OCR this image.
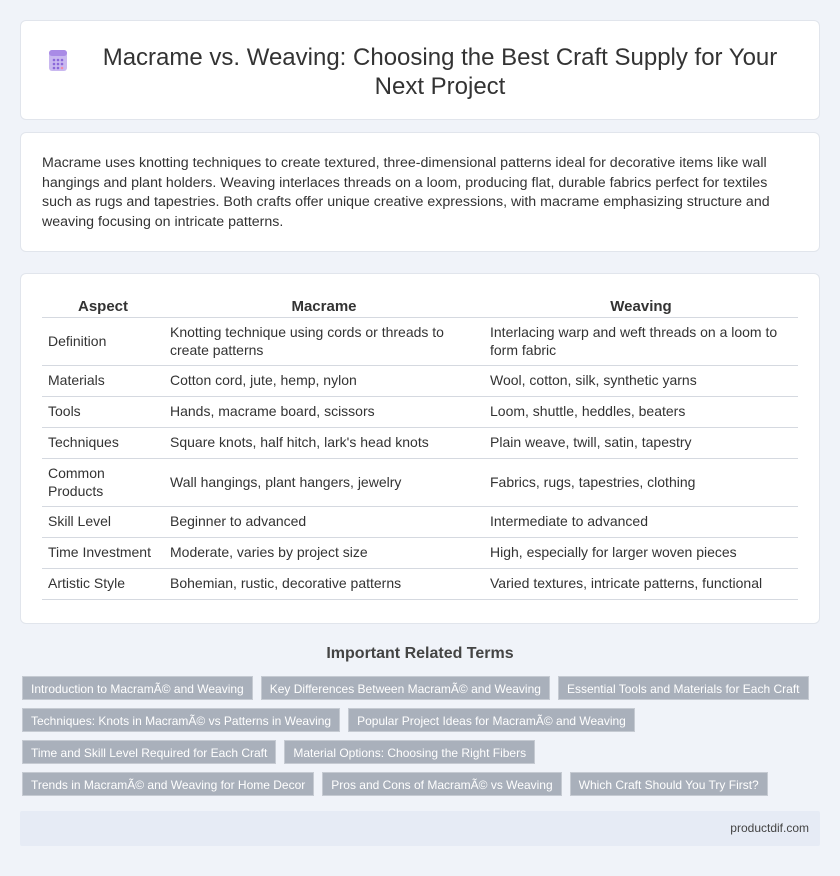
Macrame vs. Weaving: Choosing the Best Craft Supply for Your Next Project

Macrame uses knotting techniques to create textured, three-dimensional patterns ideal for decorative items like wall hangings and plant holders. Weaving interlaces threads on a loom, producing flat, durable fabrics perfect for textiles such as rugs and tapestries. Both crafts offer unique creative expressions, with macrame emphasizing structure and weaving focusing on intricate patterns.

Aspect	Macrame	Weaving
Definition	Knotting technique using cords or threads to create patterns	Interlacing warp and weft threads on a loom to form fabric
Materials	Cotton cord, jute, hemp, nylon	Wool, cotton, silk, synthetic yarns
Tools	Hands, macrame board, scissors	Loom, shuttle, heddles, beaters
Techniques	Square knots, half hitch, lark's head knots	Plain weave, twill, satin, tapestry
Common Products	Wall hangings, plant hangers, jewelry	Fabrics, rugs, tapestries, clothing
Skill Level	Beginner to advanced	Intermediate to advanced
Time Investment	Moderate, varies by project size	High, especially for larger woven pieces
Artistic Style	Bohemian, rustic, decorative patterns	Varied textures, intricate patterns, functional
Important Related Terms
Introduction to MacramÃ© and Weaving	Key Differences Between MacramÃ© and Weaving	Essential Tools and Materials for Each Craft
Techniques: Knots in MacramÃ© vs Patterns in Weaving	Popular Project Ideas for MacramÃ© and Weaving
Time and Skill Level Required for Each Craft	Material Options: Choosing the Right Fibers
Trends in MacramÃ© and Weaving for Home Decor	Pros and Cons of MacramÃ© vs Weaving	Which Craft Should You Try First?
productdif.com
